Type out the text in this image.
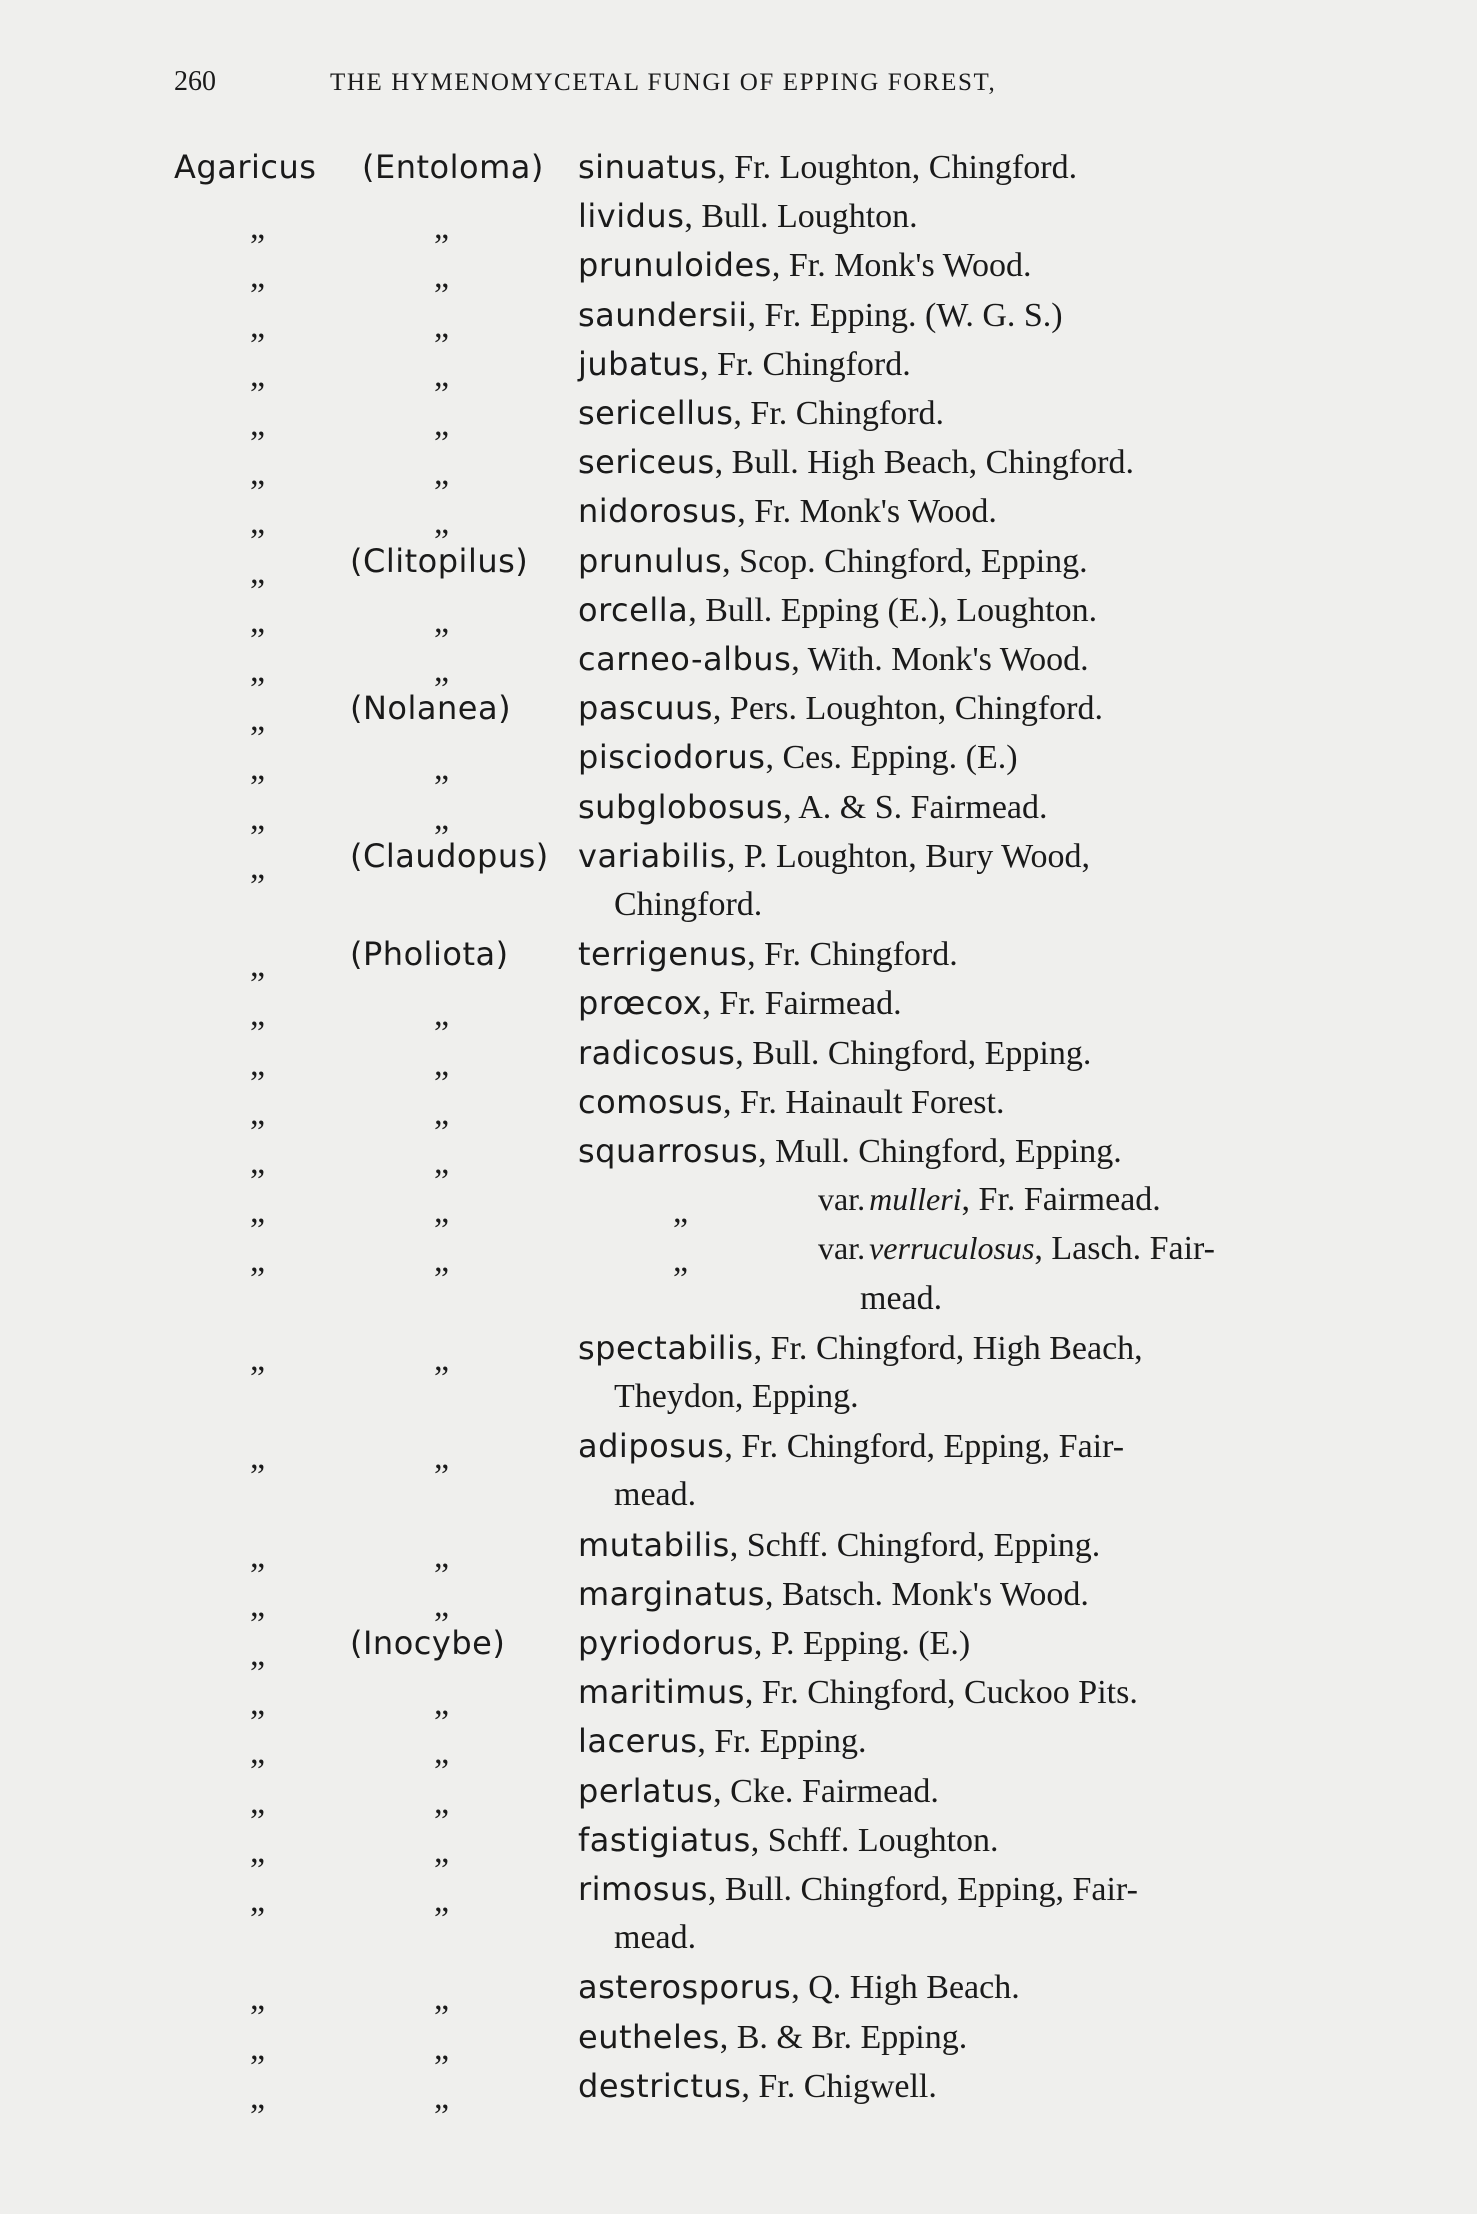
260	THE HYMENOMYCETAL FUNGI OF EPPING FOREST,
Agaricus (Entoloma) sinuatus, Fr. Loughton, Chingford.
„	„	lividus, Bull. Loughton.
„	„	prunuloides, Fr. Monk's Wood.
„	„	saundersii, Fr. Epping. (W. G. S.)
„	„	jubatus, Fr. Chingford.
„	„	sericellus, Fr. Chingford.
„	„	sericeus, Bull. High Beach, Chingford.
„	„	nidorosus, Fr. Monk's Wood.
„	(Clitopilus) prunulus, Scop. Chingford, Epping.
„	„	orcella, Bull. Epping (E.), Loughton.
„	„	carneo-albus, With. Monk's Wood.
„	(Nolanea) pascuus, Pers. Loughton, Chingford.
„	„	pisciodorus, Ces. Epping. (E.)
„	„	subglobosus, A. & S. Fairmead.
„	(Claudopus) variabilis, P. Loughton, Bury Wood,
Chingford.
„	(Pholiota) terrigenus, Fr. Chingford.
„	„	prœcox, Fr. Fairmead.
„	„	radicosus, Bull. Chingford, Epping.
„	„	comosus, Fr. Hainault Forest.
„	„	squarrosus, Mull. Chingford, Epping.
„	„	„	var. mulleri, Fr. Fairmead.
„	„	„	var. verruculosus, Lasch. Fair-
mead.
„	„	spectabilis, Fr. Chingford, High Beach,
Theydon, Epping.
„	„	adiposus, Fr. Chingford, Epping, Fair-
mead.
„	„	mutabilis, Schff. Chingford, Epping.
„	„	marginatus, Batsch. Monk's Wood.
„	(Inocybe) pyriodorus, P. Epping. (E.)
„	„	maritimus, Fr. Chingford, Cuckoo Pits.
„	„	lacerus, Fr. Epping.
„	„	perlatus, Cke. Fairmead.
„	„	fastigiatus, Schff. Loughton.
„	„	rimosus, Bull. Chingford, Epping, Fair-
mead.
„	„	asterosporus, Q. High Beach.
„	„	eutheles, B. & Br. Epping.
„	„	destrictus, Fr. Chigwell.
